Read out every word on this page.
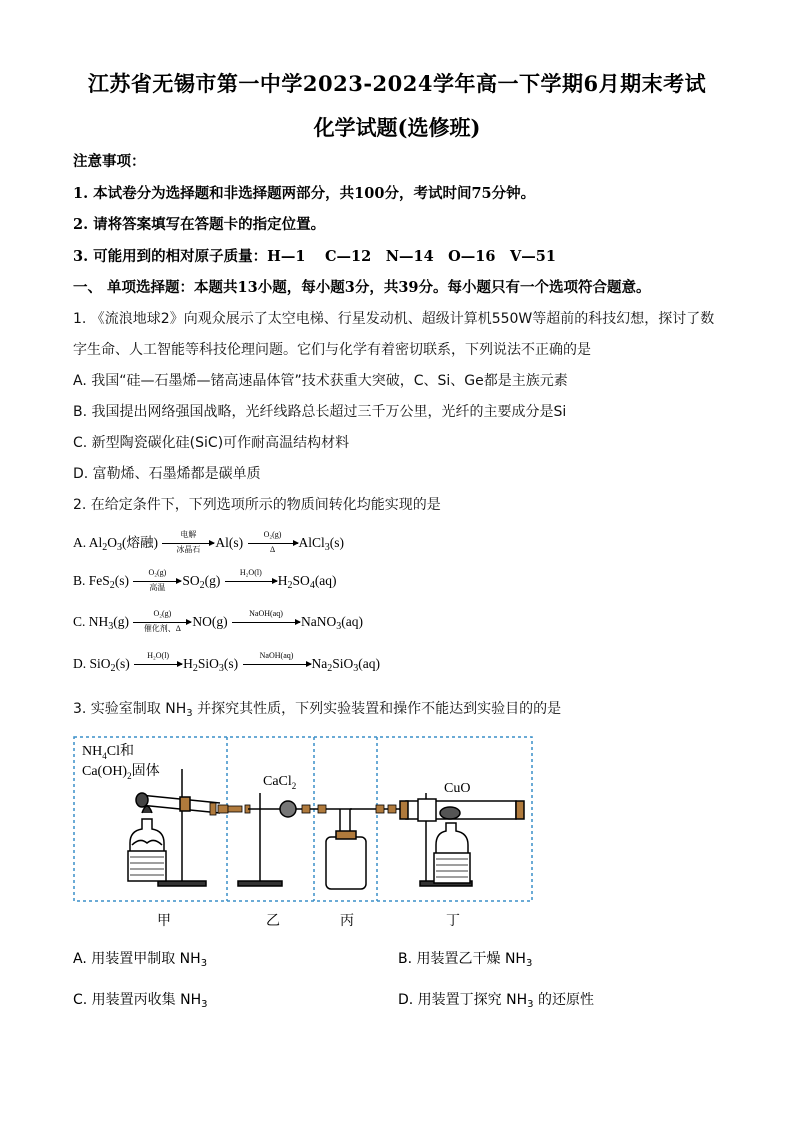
江苏省无锡市第一中学2023-2024学年高一下学期6月期末考试
化学试题(选修班)
注意事项：
1. 本试卷分为选择题和非选择题两部分，共100分，考试时间75分钟。
2. 请将答案填写在答题卡的指定位置。
3. 可能用到的相对原子质量：H—1　 C—12　N—14　O—16　V—51
一、 单项选择题：本题共13小题，每小题3分，共39分。每小题只有一个选项符合题意。
1. 《流浪地球2》向观众展示了太空电梯、行星发动机、超级计算机550W等超前的科技幻想，探讨了数
字生命、人工智能等科技伦理问题。它们与化学有着密切联系，下列说法不正确的是
A. 我国“硅—石墨烯—锗高速晶体管”技术获重大突破，C、Si、Ge都是主族元素
B. 我国提出网络强国战略，光纤线路总长超过三千万公里，光纤的主要成分是Si
C. 新型陶瓷碳化硅(SiC)可作耐高温结构材料
D. 富勒烯、石墨烯都是碳单质
2. 在给定条件下，下列选项所示的物质间转化均能实现的是
A. $Al_2O_3$(熔融)
电解
冰晶石	Al(s)
O₂(g)
Δ	AlCl$_3$(s)
B. FeS$_2$(s)
O₂(g)
高温	$SO_2(g)$
H₂O(l)
$H_2SO_4(aq)$
C. $NH_3(g)$
O₂(g)
催化剂、Δ NO(g)
NaOH(aq)
NaNO$_3$(aq)
D. SiO$_2$(s)
H₂O(l)
$H_2SiO_3(s)$
NaOH(aq)
$Na_2SiO_3(aq)$
3. 实验室制取 $NH_3$ 并探究其性质，下列实验装置和操作不能达到实验目的的是
$NH_4Cl$和
$Ca(OH)_2$固体
CaCl$_2$	CuO
甲	乙	丙	丁
A. 用装置甲制取 $NH_3$	B. 用装置乙干燥 $NH_3$
C. 用装置丙收集 $NH_3$	D. 用装置丁探究 $NH_3$ 的还原性
